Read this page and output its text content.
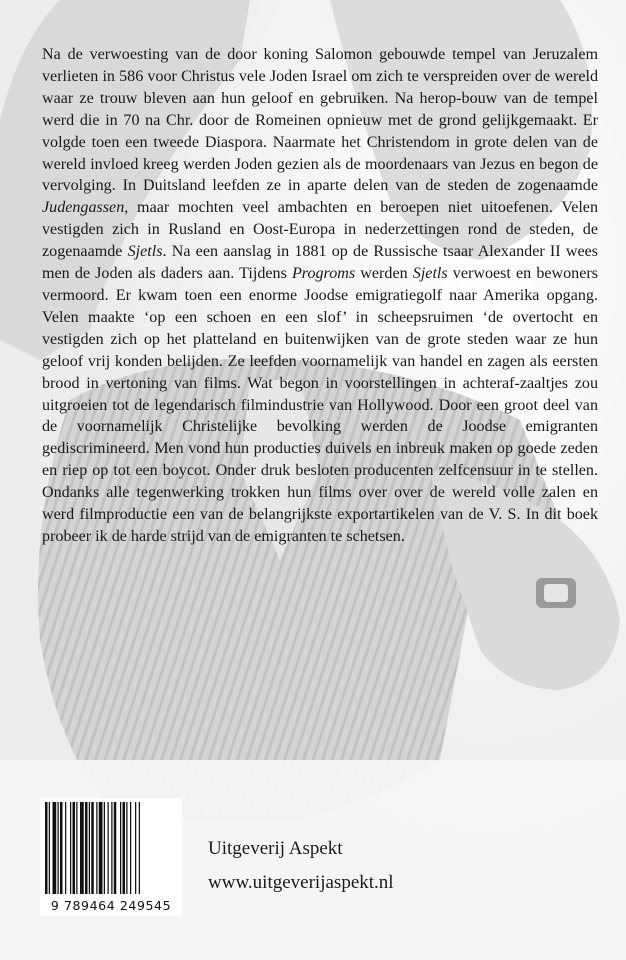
Na de verwoesting van de door koning Salomon gebouwde tempel van Jeruzalem verlieten in 586 voor Christus vele Joden Israel om zich te verspreiden over de wereld waar ze trouw bleven aan hun geloof en gebruiken. Na herop-bouw van de tempel werd die in 70 na Chr. door de Romeinen opnieuw met de grond gelijkgemaakt. Er volgde toen een tweede Diaspora. Naarmate het Christendom in grote delen van de wereld invloed kreeg werden Joden gezien als de moordenaars van Jezus en begon de vervolging. In Duitsland leefden ze in aparte delen van de steden de zogenaamde Judengassen, maar mochten veel ambachten en beroepen niet uitoefenen. Velen vestigden zich in Rusland en Oost-Europa in nederzettingen rond de steden, de zogenaamde Sjetls. Na een aanslag in 1881 op de Russische tsaar Alexander II wees men de Joden als daders aan. Tijdens Progroms werden Sjetls verwoest en bewoners vermoord. Er kwam toen een enorme Joodse emigratiegolf naar Amerika opgang. Velen maakte ‘op een schoen en een slof’ in scheepsruimen ‘de overtocht en vestigden zich op het platteland en buitenwijken van de grote steden waar ze hun geloof vrij konden belijden. Ze leefden voornamelijk van handel en zagen als eersten brood in vertoning van films. Wat begon in voorstellingen in achteraf-zaaltjes zou uitgroeien tot de legendarisch filmindustrie van Hollywood. Door een groot deel van de voornamelijk Christelijke bevolking werden de Joodse emigranten gediscrimineerd. Men vond hun producties duivels en inbreuk maken op goede zeden en riep op tot een boycot. Onder druk besloten producenten zelfcensuur in te stellen. Ondanks alle tegenwerking trokken hun films over over de wereld volle zalen en werd filmproductie een van de belangrijkste exportartikelen van de V. S. In dit boek probeer ik de harde strijd van de emigranten te schetsen.

9 789464 249545
Uitgeverij Aspekt
www.uitgeverijaspekt.nl
